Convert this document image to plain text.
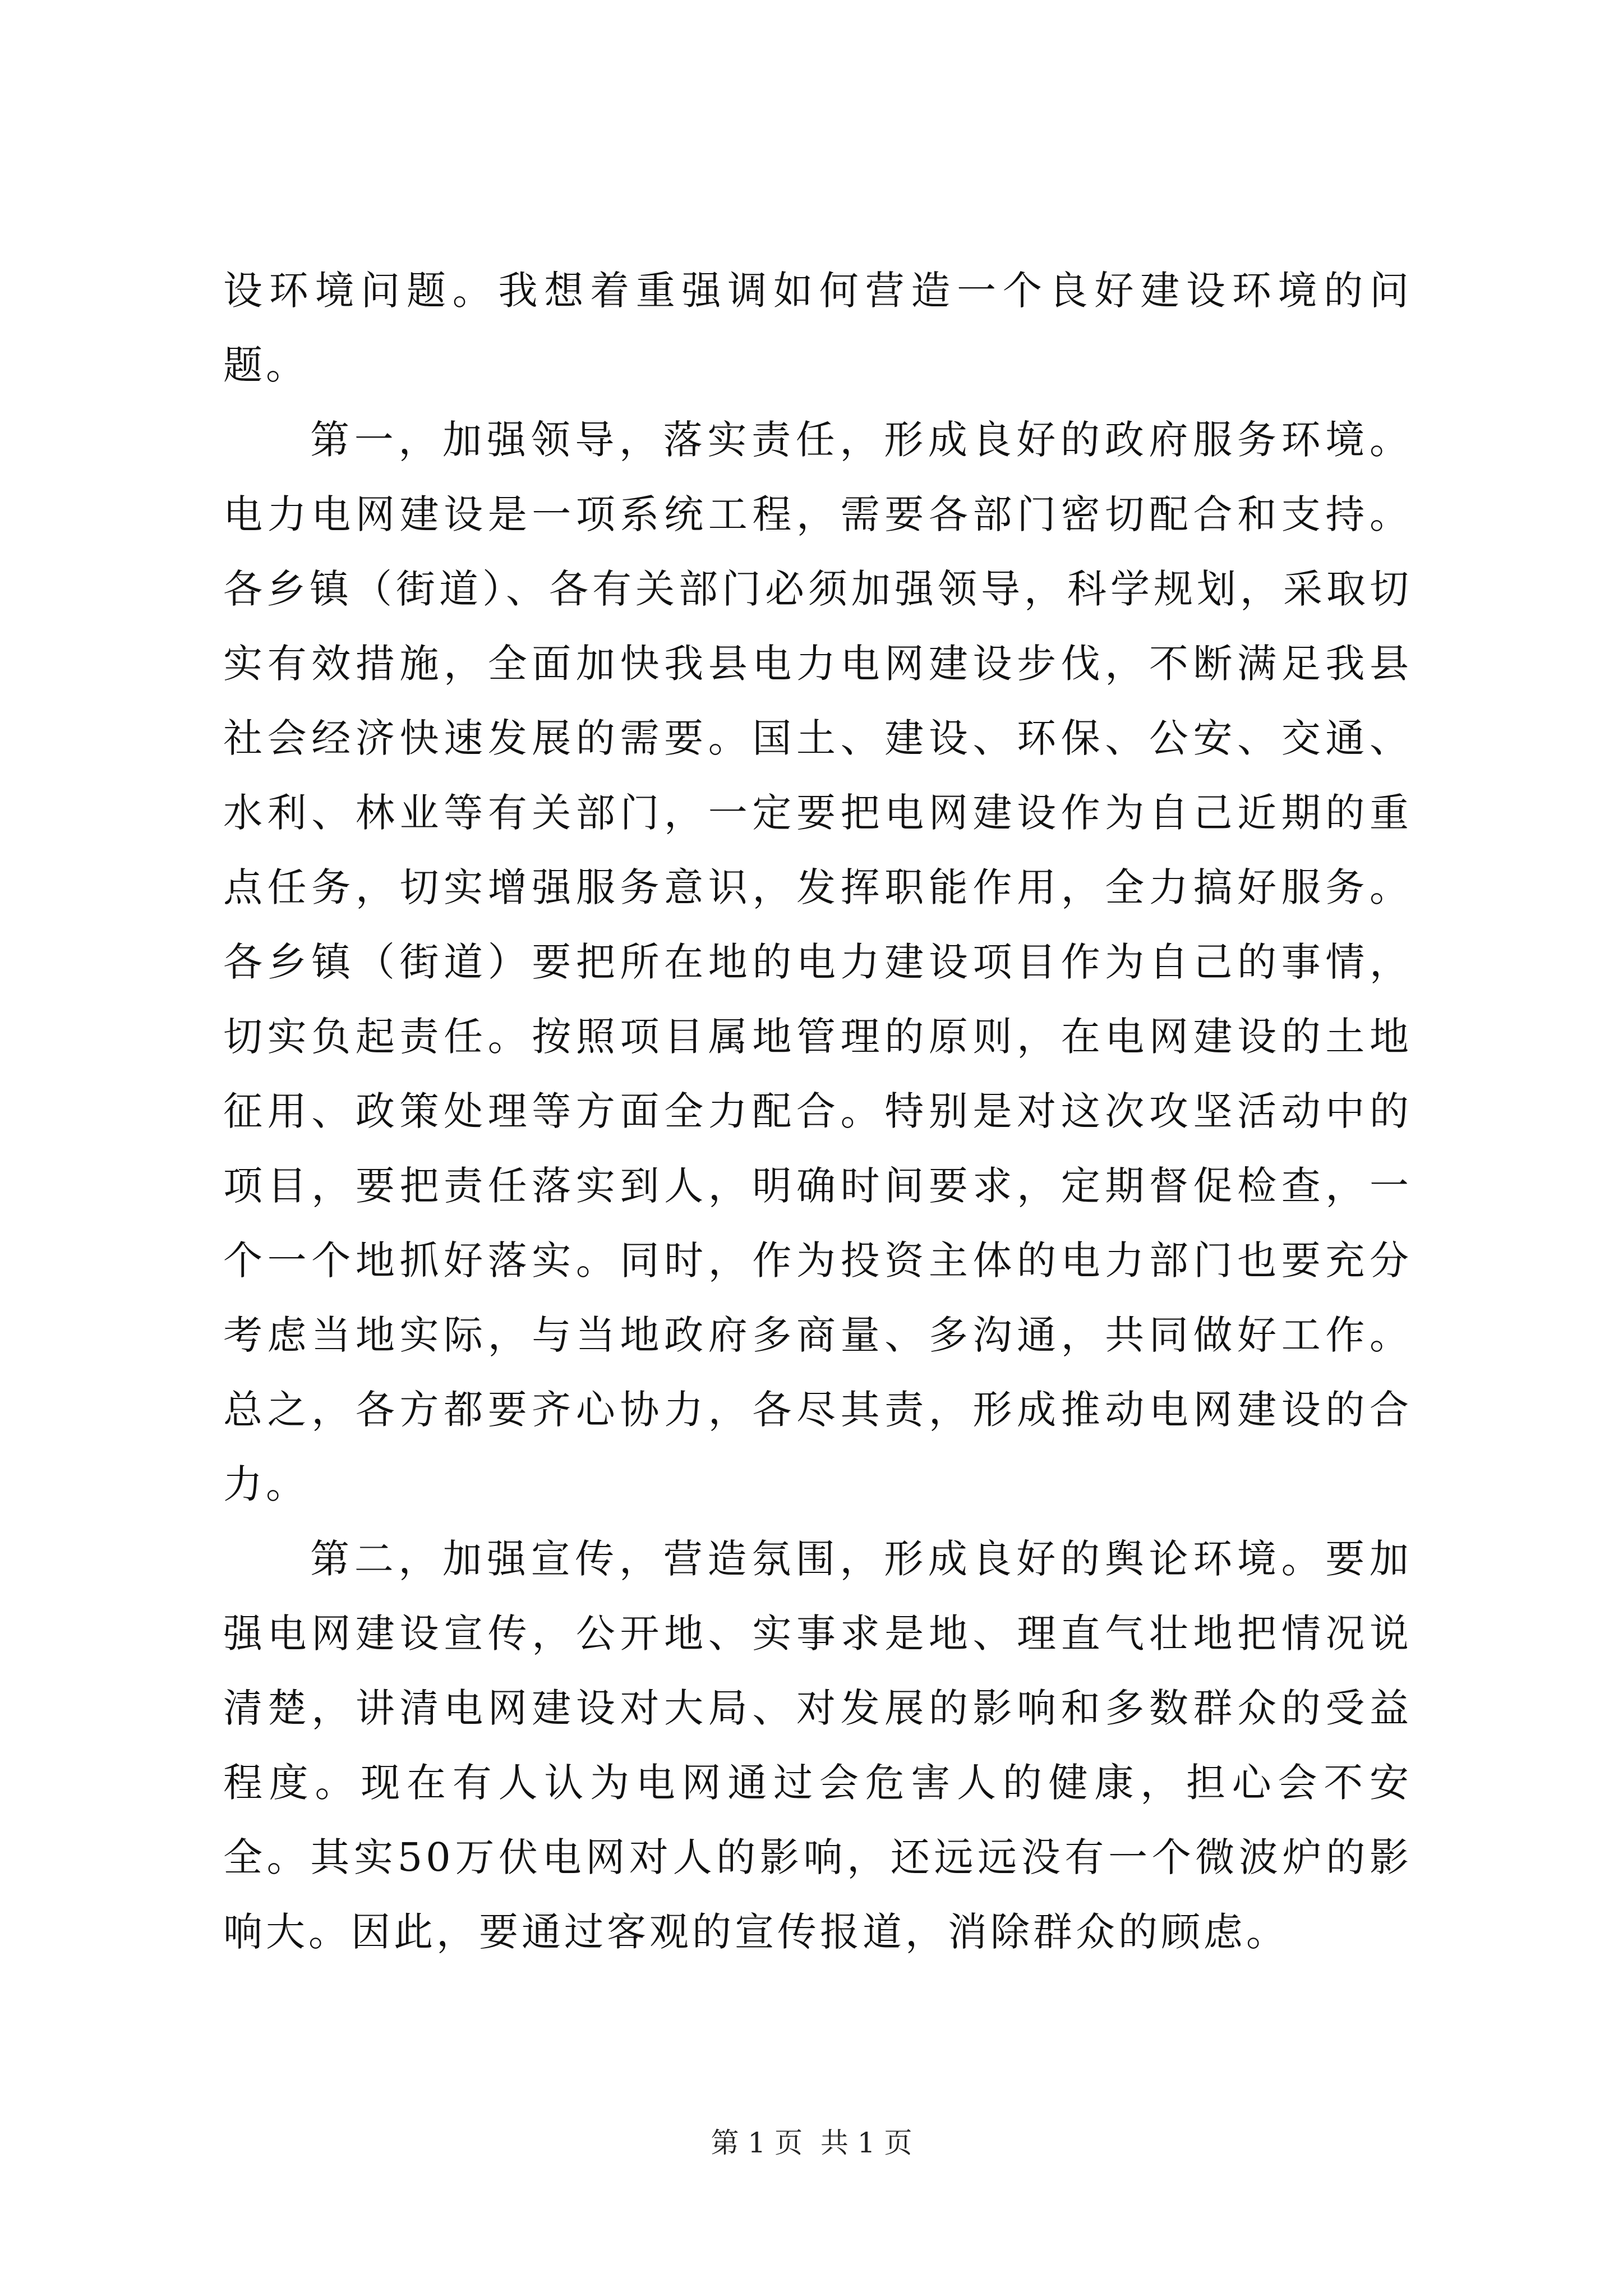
设环境问题。我想着重强调如何营造一个良好建设环境的问题。

第一，加强领导，落实责任，形成良好的政府服务环境。电力电网建设是一项系统工程，需要各部门密切配合和支持。各乡镇（街道）、各有关部门必须加强领导，科学规划，采取切实有效措施，全面加快我县电力电网建设步伐，不断满足我县社会经济快速发展的需要。国土、建设、环保、公安、交通、水利、林业等有关部门，一定要把电网建设作为自己近期的重点任务，切实增强服务意识，发挥职能作用，全力搞好服务。各乡镇（街道）要把所在地的电力建设项目作为自己的事情，切实负起责任。按照项目属地管理的原则，在电网建设的土地征用、政策处理等方面全力配合。特别是对这次攻坚活动中的项目，要把责任落实到人，明确时间要求，定期督促检查，一个一个地抓好落实。同时，作为投资主体的电力部门也要充分考虑当地实际，与当地政府多商量、多沟通，共同做好工作。总之，各方都要齐心协力，各尽其责，形成推动电网建设的合力。

第二，加强宣传，营造氛围，形成良好的舆论环境。要加强电网建设宣传，公开地、实事求是地、理直气壮地把情况说清楚，讲清电网建设对大局、对发展的影响和多数群众的受益程度。现在有人认为电网通过会危害人的健康，担心会不安全。其实50万伏电网对人的影响，还远远没有一个微波炉的影响大。因此，要通过客观的宣传报道，消除群众的顾虑。

第 1 页  共 1 页
